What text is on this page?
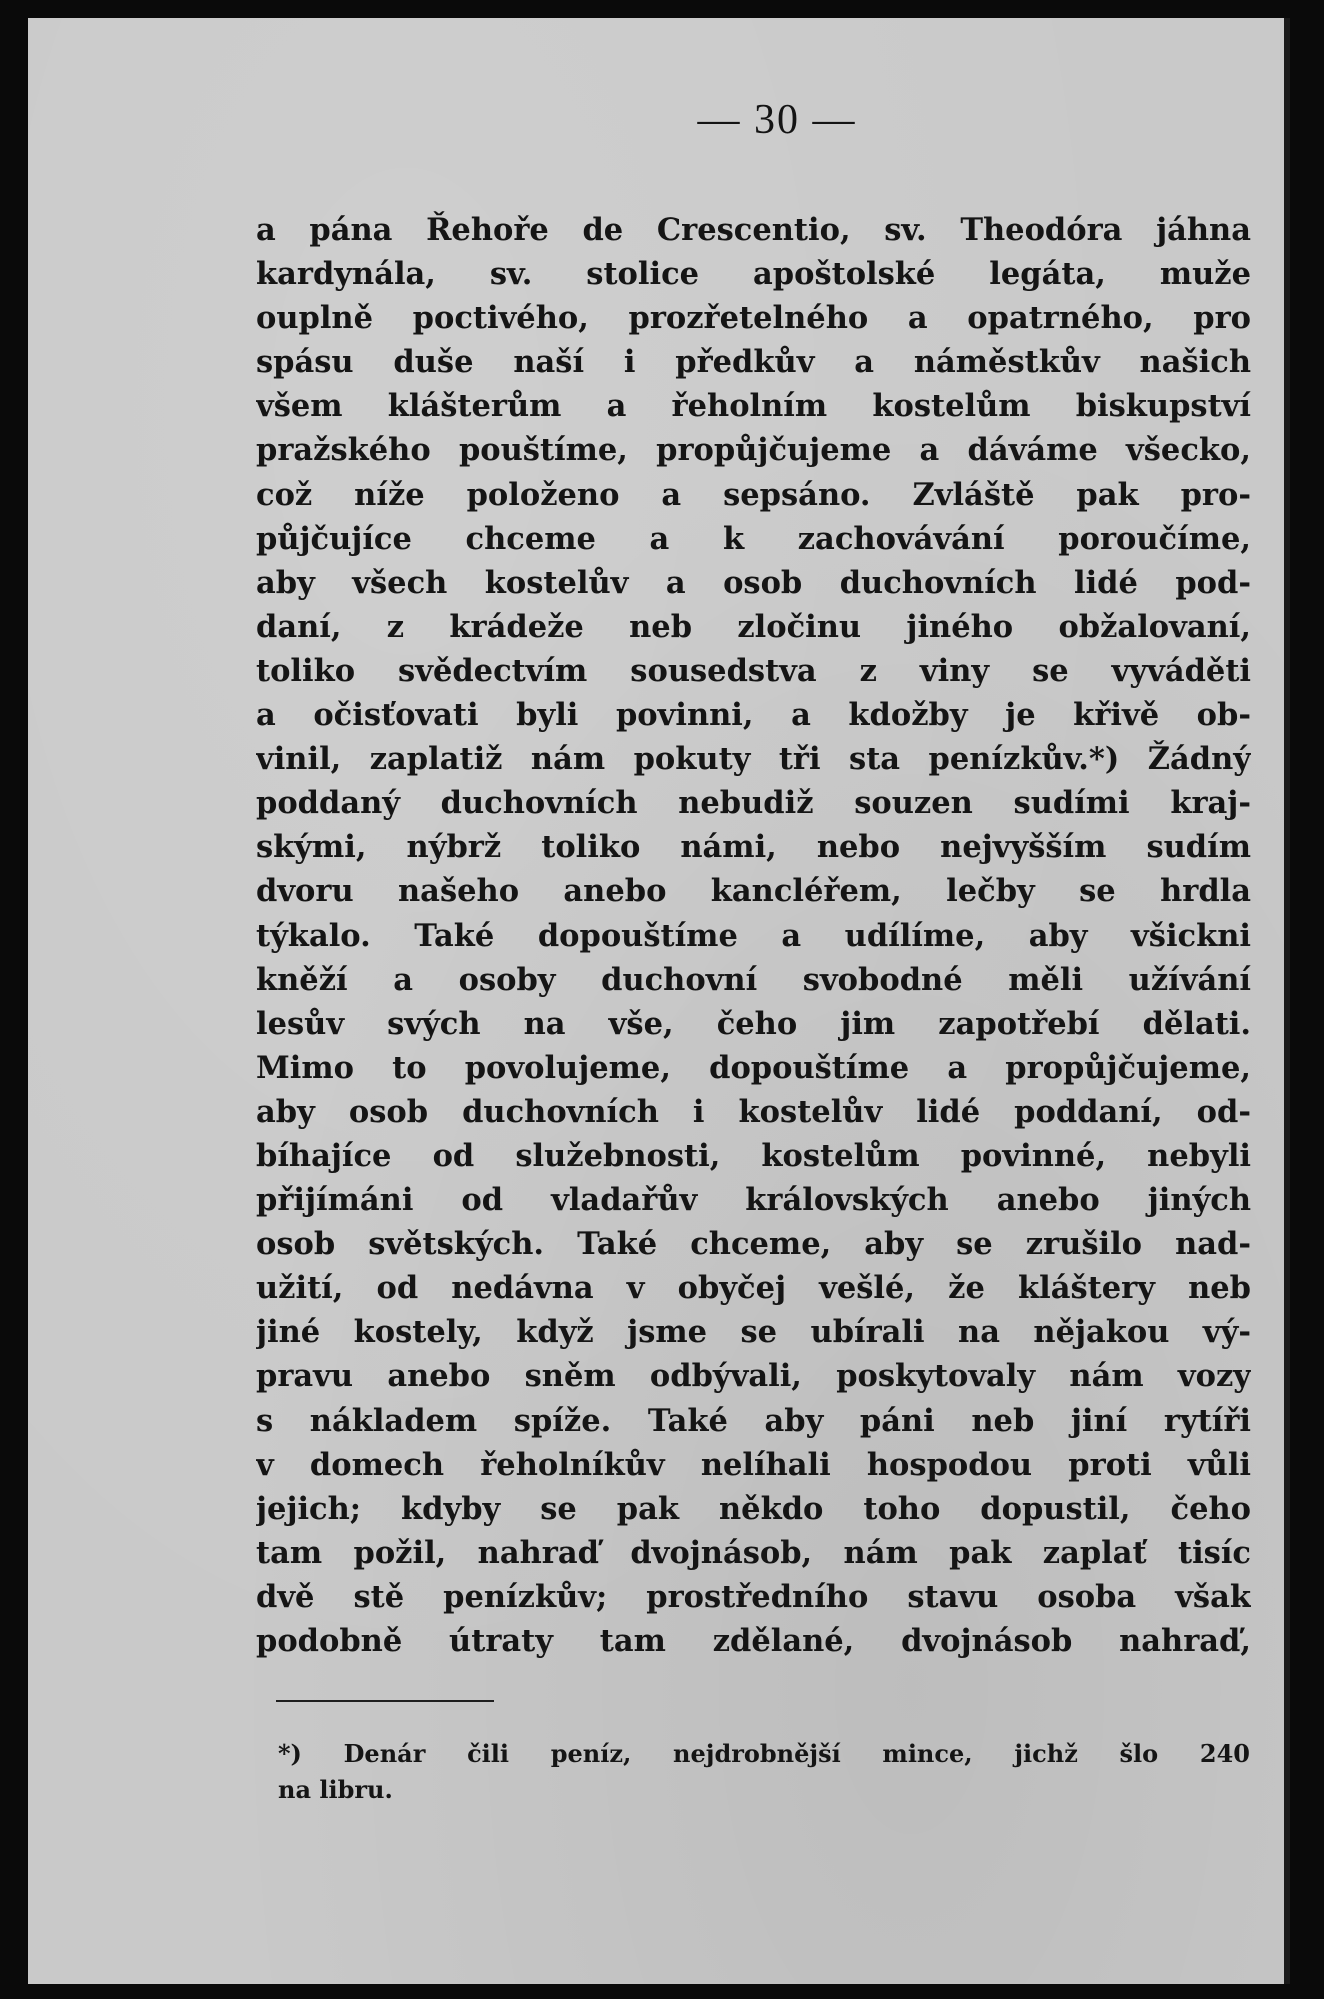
— 30 —
a pána Řehoře de Crescentio, sv. Theodóra jáhna
kardynála, sv. stolice apoštolské legáta, muže
ouplně poctivého, prozřetelného a opatrného, pro
spásu duše naší i předkův a náměstkův našich
všem klášterům a řeholním kostelům biskupství
pražského pouštíme, propůjčujeme a dáváme všecko,
což níže položeno a sepsáno. Zvláště pak pro-
půjčujíce chceme a k zachovávání poroučíme,
aby všech kostelův a osob duchovních lidé pod-
daní, z krádeže neb zločinu jiného obžalovaní,
toliko svědectvím sousedstva z viny se vyváděti
a očisťovati byli povinni, a kdožby je křivě ob-
vinil, zaplatiž nám pokuty tři sta penízkův.*) Žádný
poddaný duchovních nebudiž souzen sudími kraj-
skými, nýbrž toliko námi, nebo nejvyšším sudím
dvoru našeho anebo kancléřem, lečby se hrdla
týkalo. Také dopouštíme a udílíme, aby všickni
kněží a osoby duchovní svobodné měli užívání
lesův svých na vše, čeho jim zapotřebí dělati.
Mimo to povolujeme, dopouštíme a propůjčujeme,
aby osob duchovních i kostelův lidé poddaní, od-
bíhajíce od služebnosti, kostelům povinné, nebyli
přijímáni od vladařův královských anebo jiných
osob světských. Také chceme, aby se zrušilo nad-
užití, od nedávna v obyčej vešlé, že kláštery neb
jiné kostely, když jsme se ubírali na nějakou vý-
pravu anebo sněm odbývali, poskytovaly nám vozy
s nákladem spíže. Také aby páni neb jiní rytíři
v domech řeholníkův nelíhali hospodou proti vůli
jejich; kdyby se pak někdo toho dopustil, čeho
tam požil, nahraď dvojnásob, nám pak zaplať tisíc
dvě stě penízkův; prostředního stavu osoba však
podobně útraty tam zdělané, dvojnásob nahraď,
*) Denár čili peníz, nejdrobnější mince, jichž šlo 240
na libru.
